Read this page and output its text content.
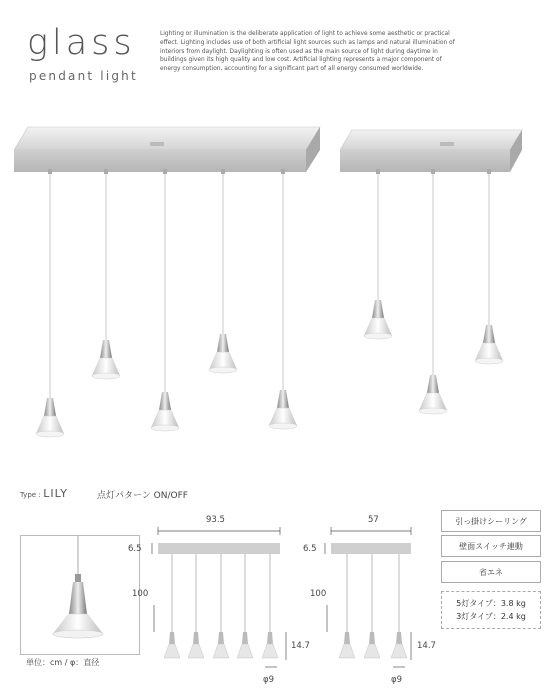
glass
pendant light
Lighting or illumination is the deliberate application of light to achieve some aesthetic or practical effect. Lighting includes use of both artificial light sources such as lamps and natural illumination of interiors from daylight. Daylighting is often used as the main source of light during daytime in buildings given its high quality and low cost. Artificial lighting represents a major component of energy consumption, accounting for a significant part of all energy consumed worldwide.
Type : LILY	点灯パターン ON/OFF
単位：cm / φ：直径
93.5	57
6.5	6.5
100	100
14.7	14.7
φ9	φ9
引っ掛けシーリング
壁面スイッチ連動
省エネ
5灯タイプ：3.8 kg
3灯タイプ：2.4 kg
